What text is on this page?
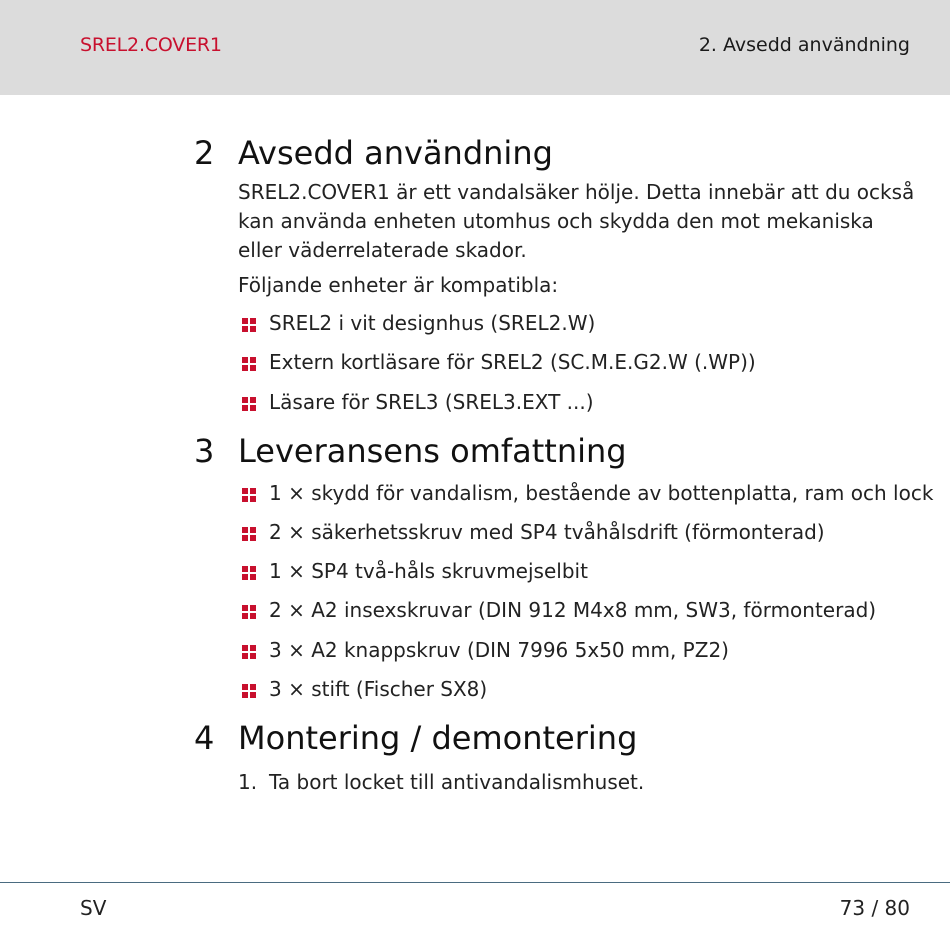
SREL2.COVER1	2. Avsedd användning
2 Avsedd användning
SREL2.COVER1 är ett vandalsäker hölje. Detta innebär att du också kan använda enheten utomhus och skydda den mot mekaniska eller väderrelaterade skador.
Följande enheter är kompatibla:
SREL2 i vit designhus (SREL2.W)
Extern kortläsare för SREL2 (SC.M.E.G2.W (.WP))
Läsare för SREL3 (SREL3.EXT ...)
3 Leveransens omfattning
1 × skydd för vandalism, bestående av bottenplatta, ram och lock
2 × säkerhetsskruv med SP4 tvåhålsdrift (förmonterad)
1 × SP4 två-håls skruvmejselbit
2 × A2 insexskruvar (DIN 912 M4x8 mm, SW3, förmonterad)
3 × A2 knappskruv (DIN 7996 5x50 mm, PZ2)
3 × stift (Fischer SX8)
4 Montering / demontering
1. Ta bort locket till antivandalismhuset.
SV	73 / 80
